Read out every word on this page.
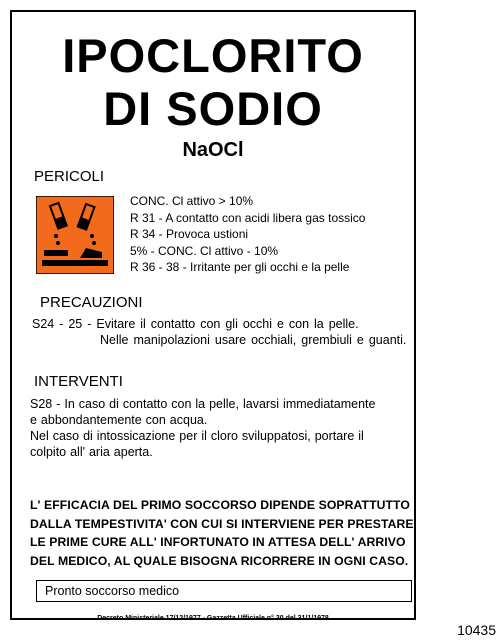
IPOCLORITO
DI SODIO
NaOCl
PERICOLI
CONC. Cl attivo > 10%
R 31 - A contatto con acidi libera gas tossico
R 34 - Provoca ustioni
5% - CONC. Cl attivo - 10%
R 36 - 38 - Irritante per gli occhi e la pelle
PRECAUZIONI
S24 - 25 - Evitare il contatto con gli occhi e con la pelle.
Nelle manipolazioni usare occhiali, grembiuli e guanti.
INTERVENTI
S28 - In caso di contatto con la pelle, lavarsi immediatamente
e abbondantemente con acqua.
Nel caso di intossicazione per il cloro sviluppatosi, portare il
colpito all' aria aperta.
L' EFFICACIA DEL PRIMO SOCCORSO DIPENDE SOPRATTUTTO
DALLA TEMPESTIVITA' CON CUI SI INTERVIENE PER PRESTARE
LE PRIME CURE ALL' INFORTUNATO IN ATTESA DELL' ARRIVO
DEL MEDICO, AL QUALE BISOGNA RICORRERE IN OGNI CASO.
Pronto soccorso medico
Decreto Ministeriale 17/12/1977 - Gazzetta Ufficiale n° 30 del 31/1/1978
10435
